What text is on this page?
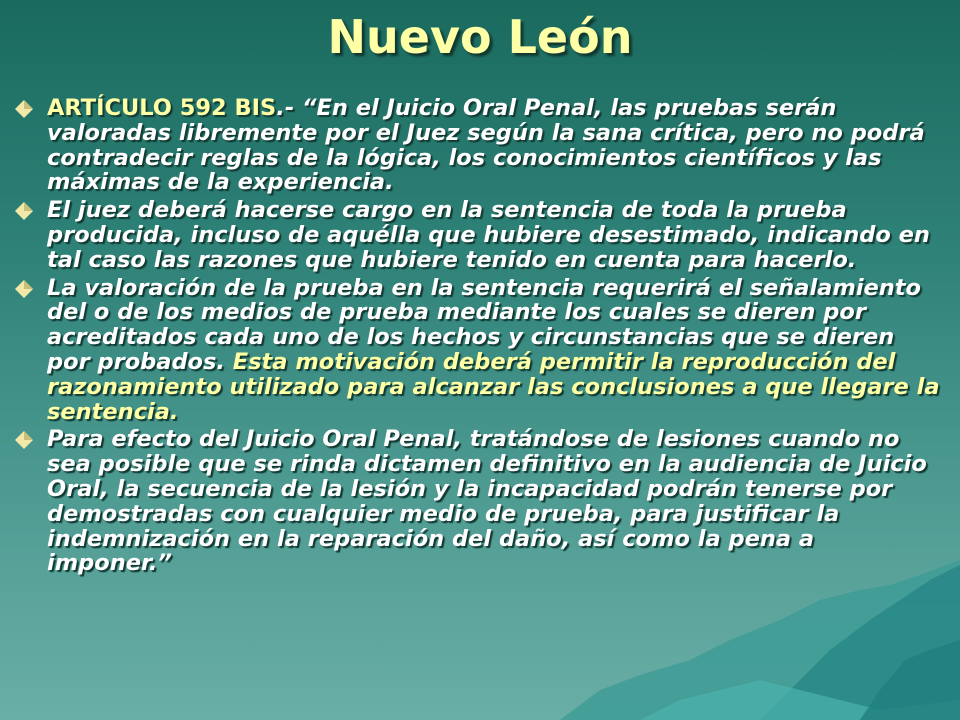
Nuevo León
ARTÍCULO 592 BIS.- “En el Juicio Oral Penal, las pruebas serán valoradas libremente por el Juez según la sana crítica, pero no podrá contradecir reglas de la lógica, los conocimientos científicos y las máximas de la experiencia.
El juez deberá hacerse cargo en la sentencia de toda la prueba producida, incluso de aquélla que hubiere desestimado, indicando en tal caso las razones que hubiere tenido en cuenta para hacerlo.
La valoración de la prueba en la sentencia requerirá el señalamiento del o de los medios de prueba mediante los cuales se dieren por acreditados cada uno de los hechos y circunstancias que se dieren por probados. Esta motivación deberá permitir la reproducción del razonamiento utilizado para alcanzar las conclusiones a que llegare la sentencia.
Para efecto del Juicio Oral Penal, tratándose de lesiones cuando no sea posible que se rinda dictamen definitivo en la audiencia de Juicio Oral, la secuencia de la lesión y la incapacidad podrán tenerse por demostradas con cualquier medio de prueba, para justificar la indemnización en la reparación del daño, así como la pena a imponer.”
